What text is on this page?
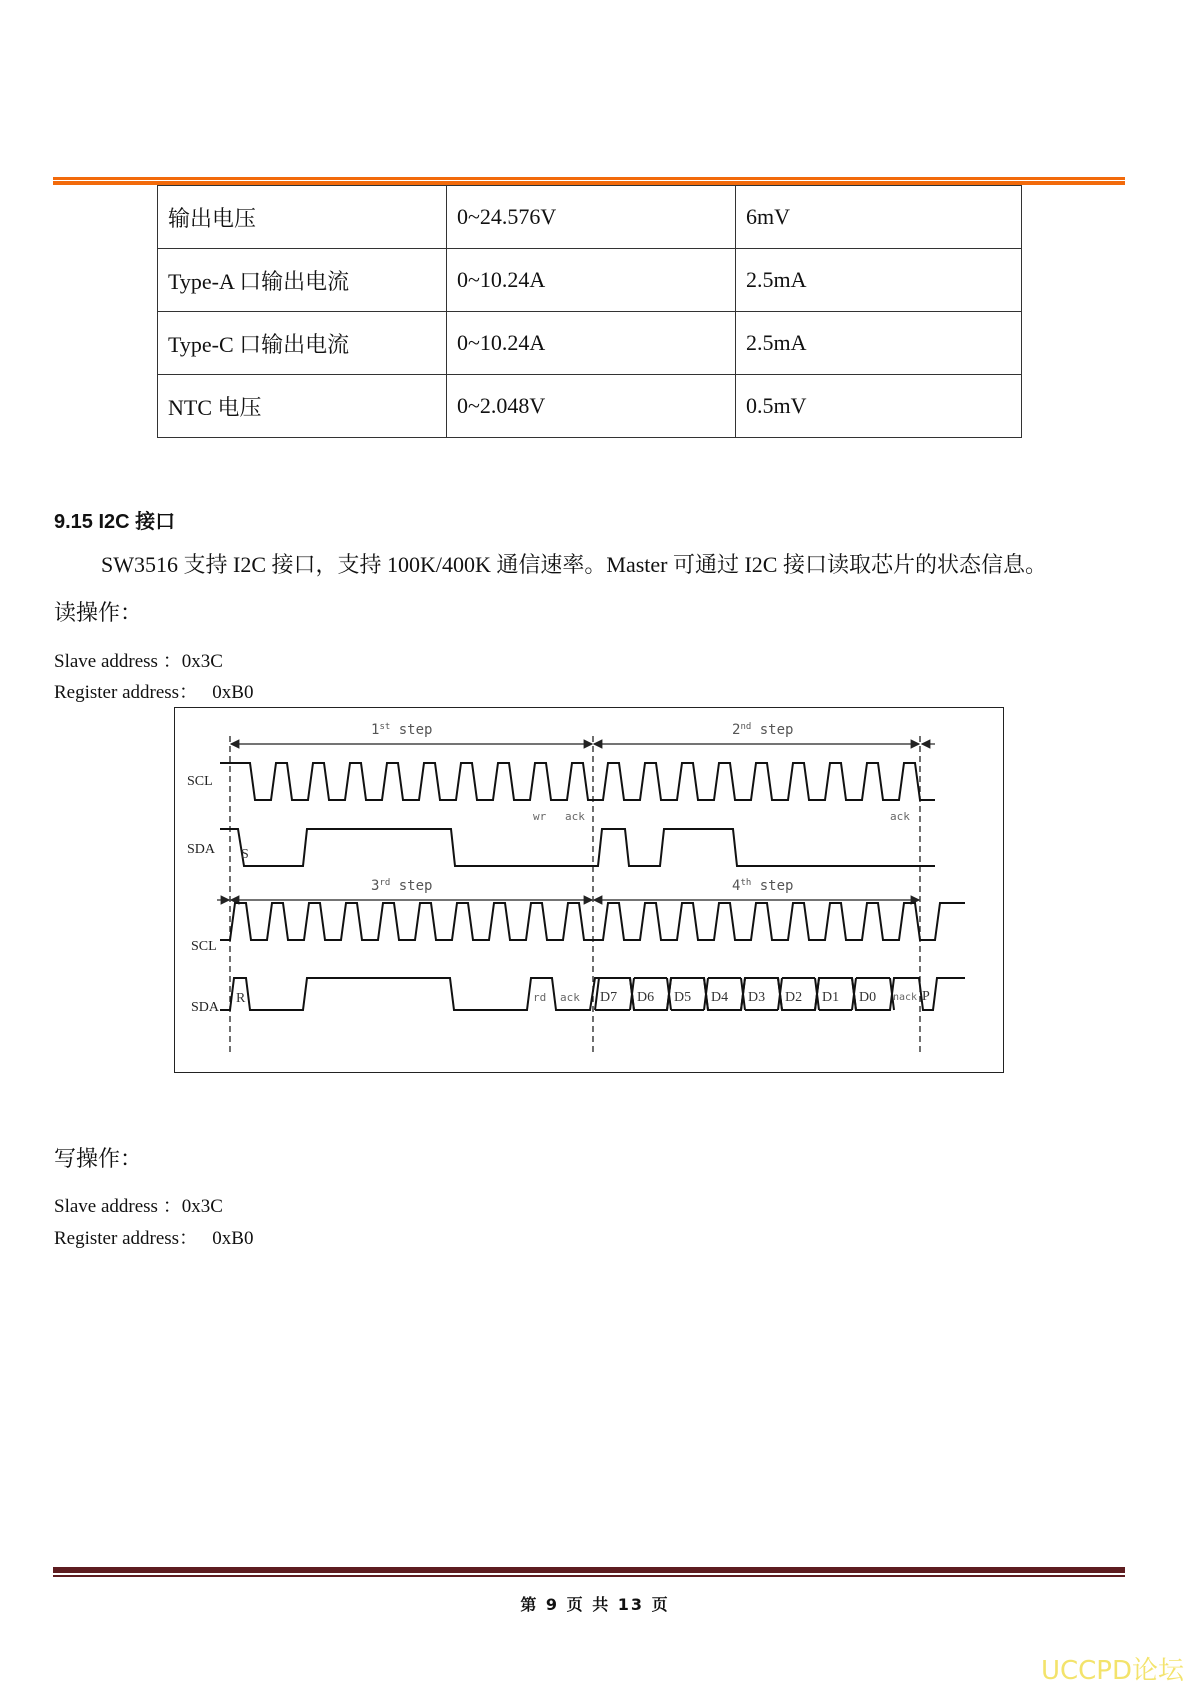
输出电压	0~24.576V	6mV
Type-A 口输出电流	0~10.24A	2.5mA
Type-C 口输出电流	0~10.24A	2.5mA
NTC 电压	0~2.048V	0.5mV
9.15 I2C 接口
SW3516 支持 I2C 接口，支持 100K/400K 通信速率。Master 可通过 I2C 接口读取芯片的状态信息。
读操作：
Slave address ：0x3C
Register address：   0xB0
1st step	2nd step
3rd step	4th step
SCL
SDA
SCL
SDA
S
R	D7 D6 D5 D4 D3 D2 D1 D0	P
wr ack	ack
rd ack	nack
写操作：
Slave address ：0x3C
Register address：   0xB0
第 9 页 共 13 页
UCCPD论坛
